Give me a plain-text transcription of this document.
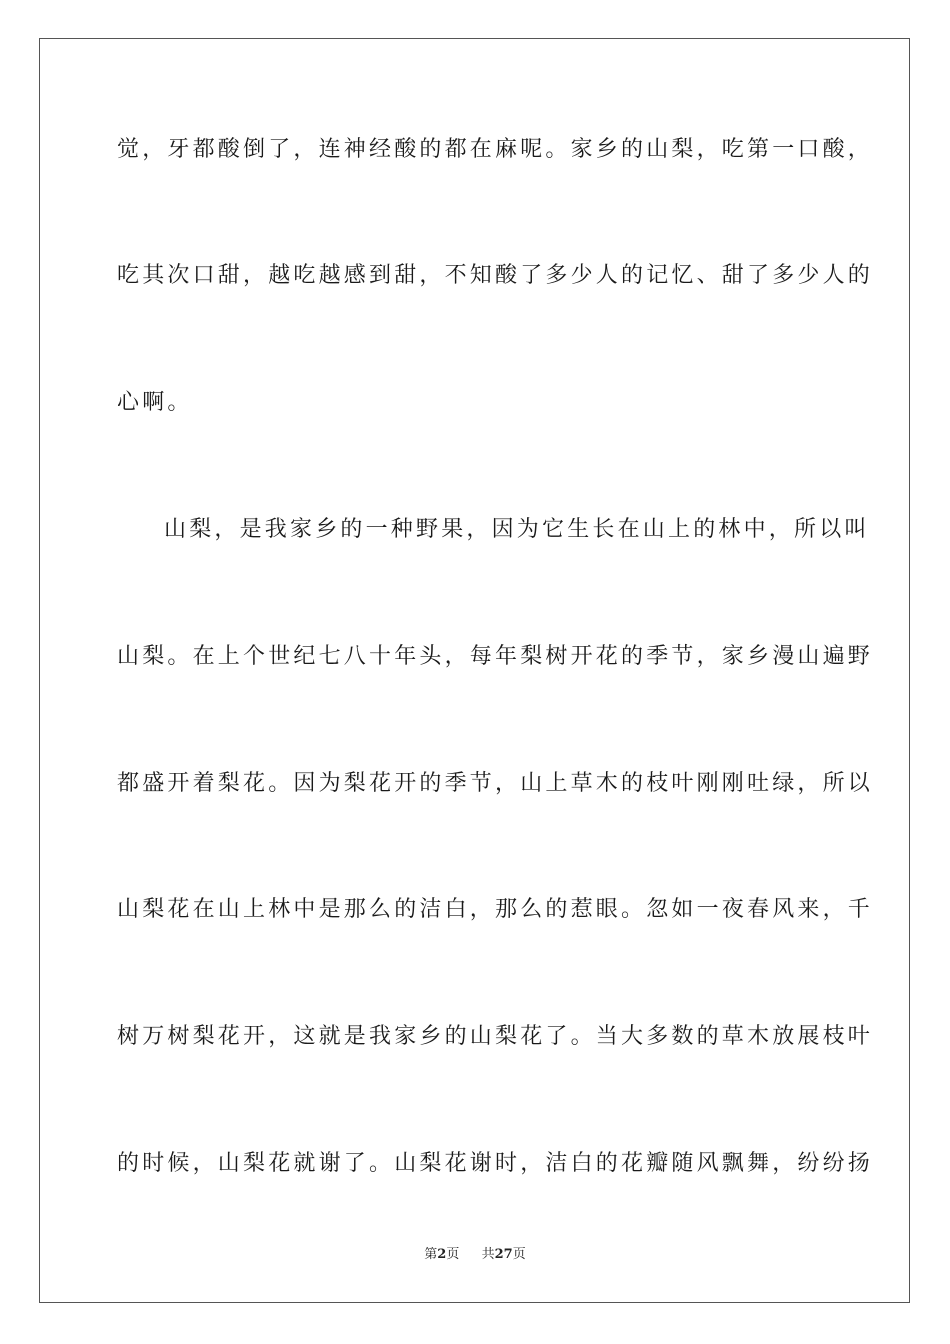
觉，牙都酸倒了，连神经酸的都在麻呢。家乡的山梨，吃第一口酸，
吃其次口甜，越吃越感到甜，不知酸了多少人的记忆、甜了多少人的
心啊。
山梨，是我家乡的一种野果，因为它生长在山上的林中，所以叫
山梨。在上个世纪七八十年头，每年梨树开花的季节，家乡漫山遍野
都盛开着梨花。因为梨花开的季节，山上草木的枝叶刚刚吐绿，所以
山梨花在山上林中是那么的洁白，那么的惹眼。忽如一夜春风来，千
树万树梨花开，这就是我家乡的山梨花了。当大多数的草木放展枝叶
的时候，山梨花就谢了。山梨花谢时，洁白的花瓣随风飘舞，纷纷扬
第2页 共27页
